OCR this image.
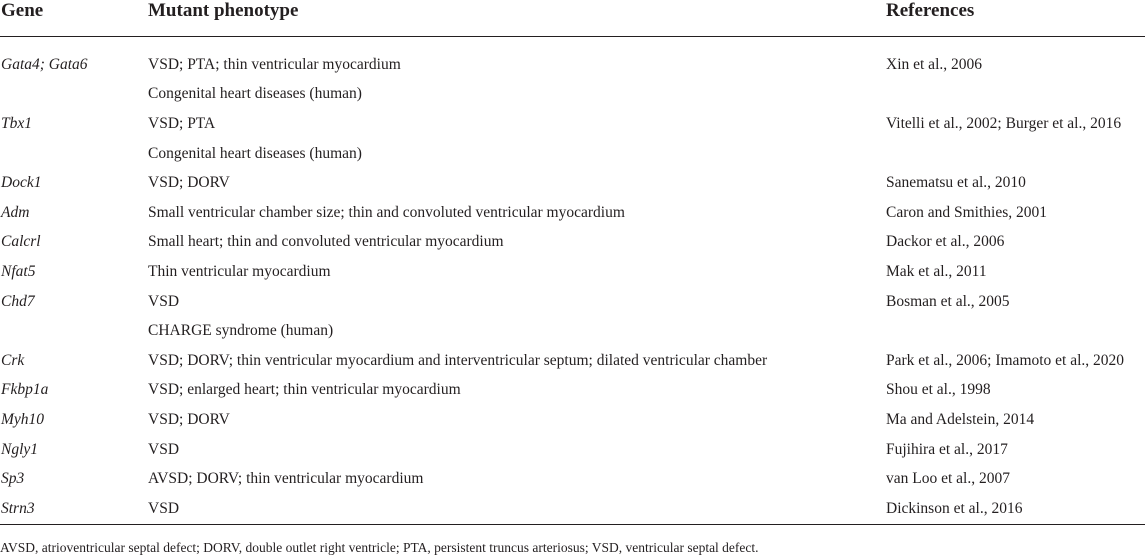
Gene	Mutant phenotype	References

Gata4; Gata6	VSD; PTA; thin ventricular myocardium	Xin et al., 2006
	Congenital heart diseases (human)	
Tbx1	VSD; PTA	Vitelli et al., 2002; Burger et al., 2016
	Congenital heart diseases (human)	
Dock1	VSD; DORV	Sanematsu et al., 2010
Adm	Small ventricular chamber size; thin and convoluted ventricular myocardium	Caron and Smithies, 2001
Calcrl	Small heart; thin and convoluted ventricular myocardium	Dackor et al., 2006
Nfat5	Thin ventricular myocardium	Mak et al., 2011
Chd7	VSD	Bosman et al., 2005
	CHARGE syndrome (human)	
Crk	VSD; DORV; thin ventricular myocardium and interventricular septum; dilated ventricular chamber	Park et al., 2006; Imamoto et al., 2020
Fkbp1a	VSD; enlarged heart; thin ventricular myocardium	Shou et al., 1998
Myh10	VSD; DORV	Ma and Adelstein, 2014
Ngly1	VSD	Fujihira et al., 2017
Sp3	AVSD; DORV; thin ventricular myocardium	van Loo et al., 2007
Strn3	VSD	Dickinson et al., 2016
AVSD, atrioventricular septal defect; DORV, double outlet right ventricle; PTA, persistent truncus arteriosus; VSD, ventricular septal defect.
